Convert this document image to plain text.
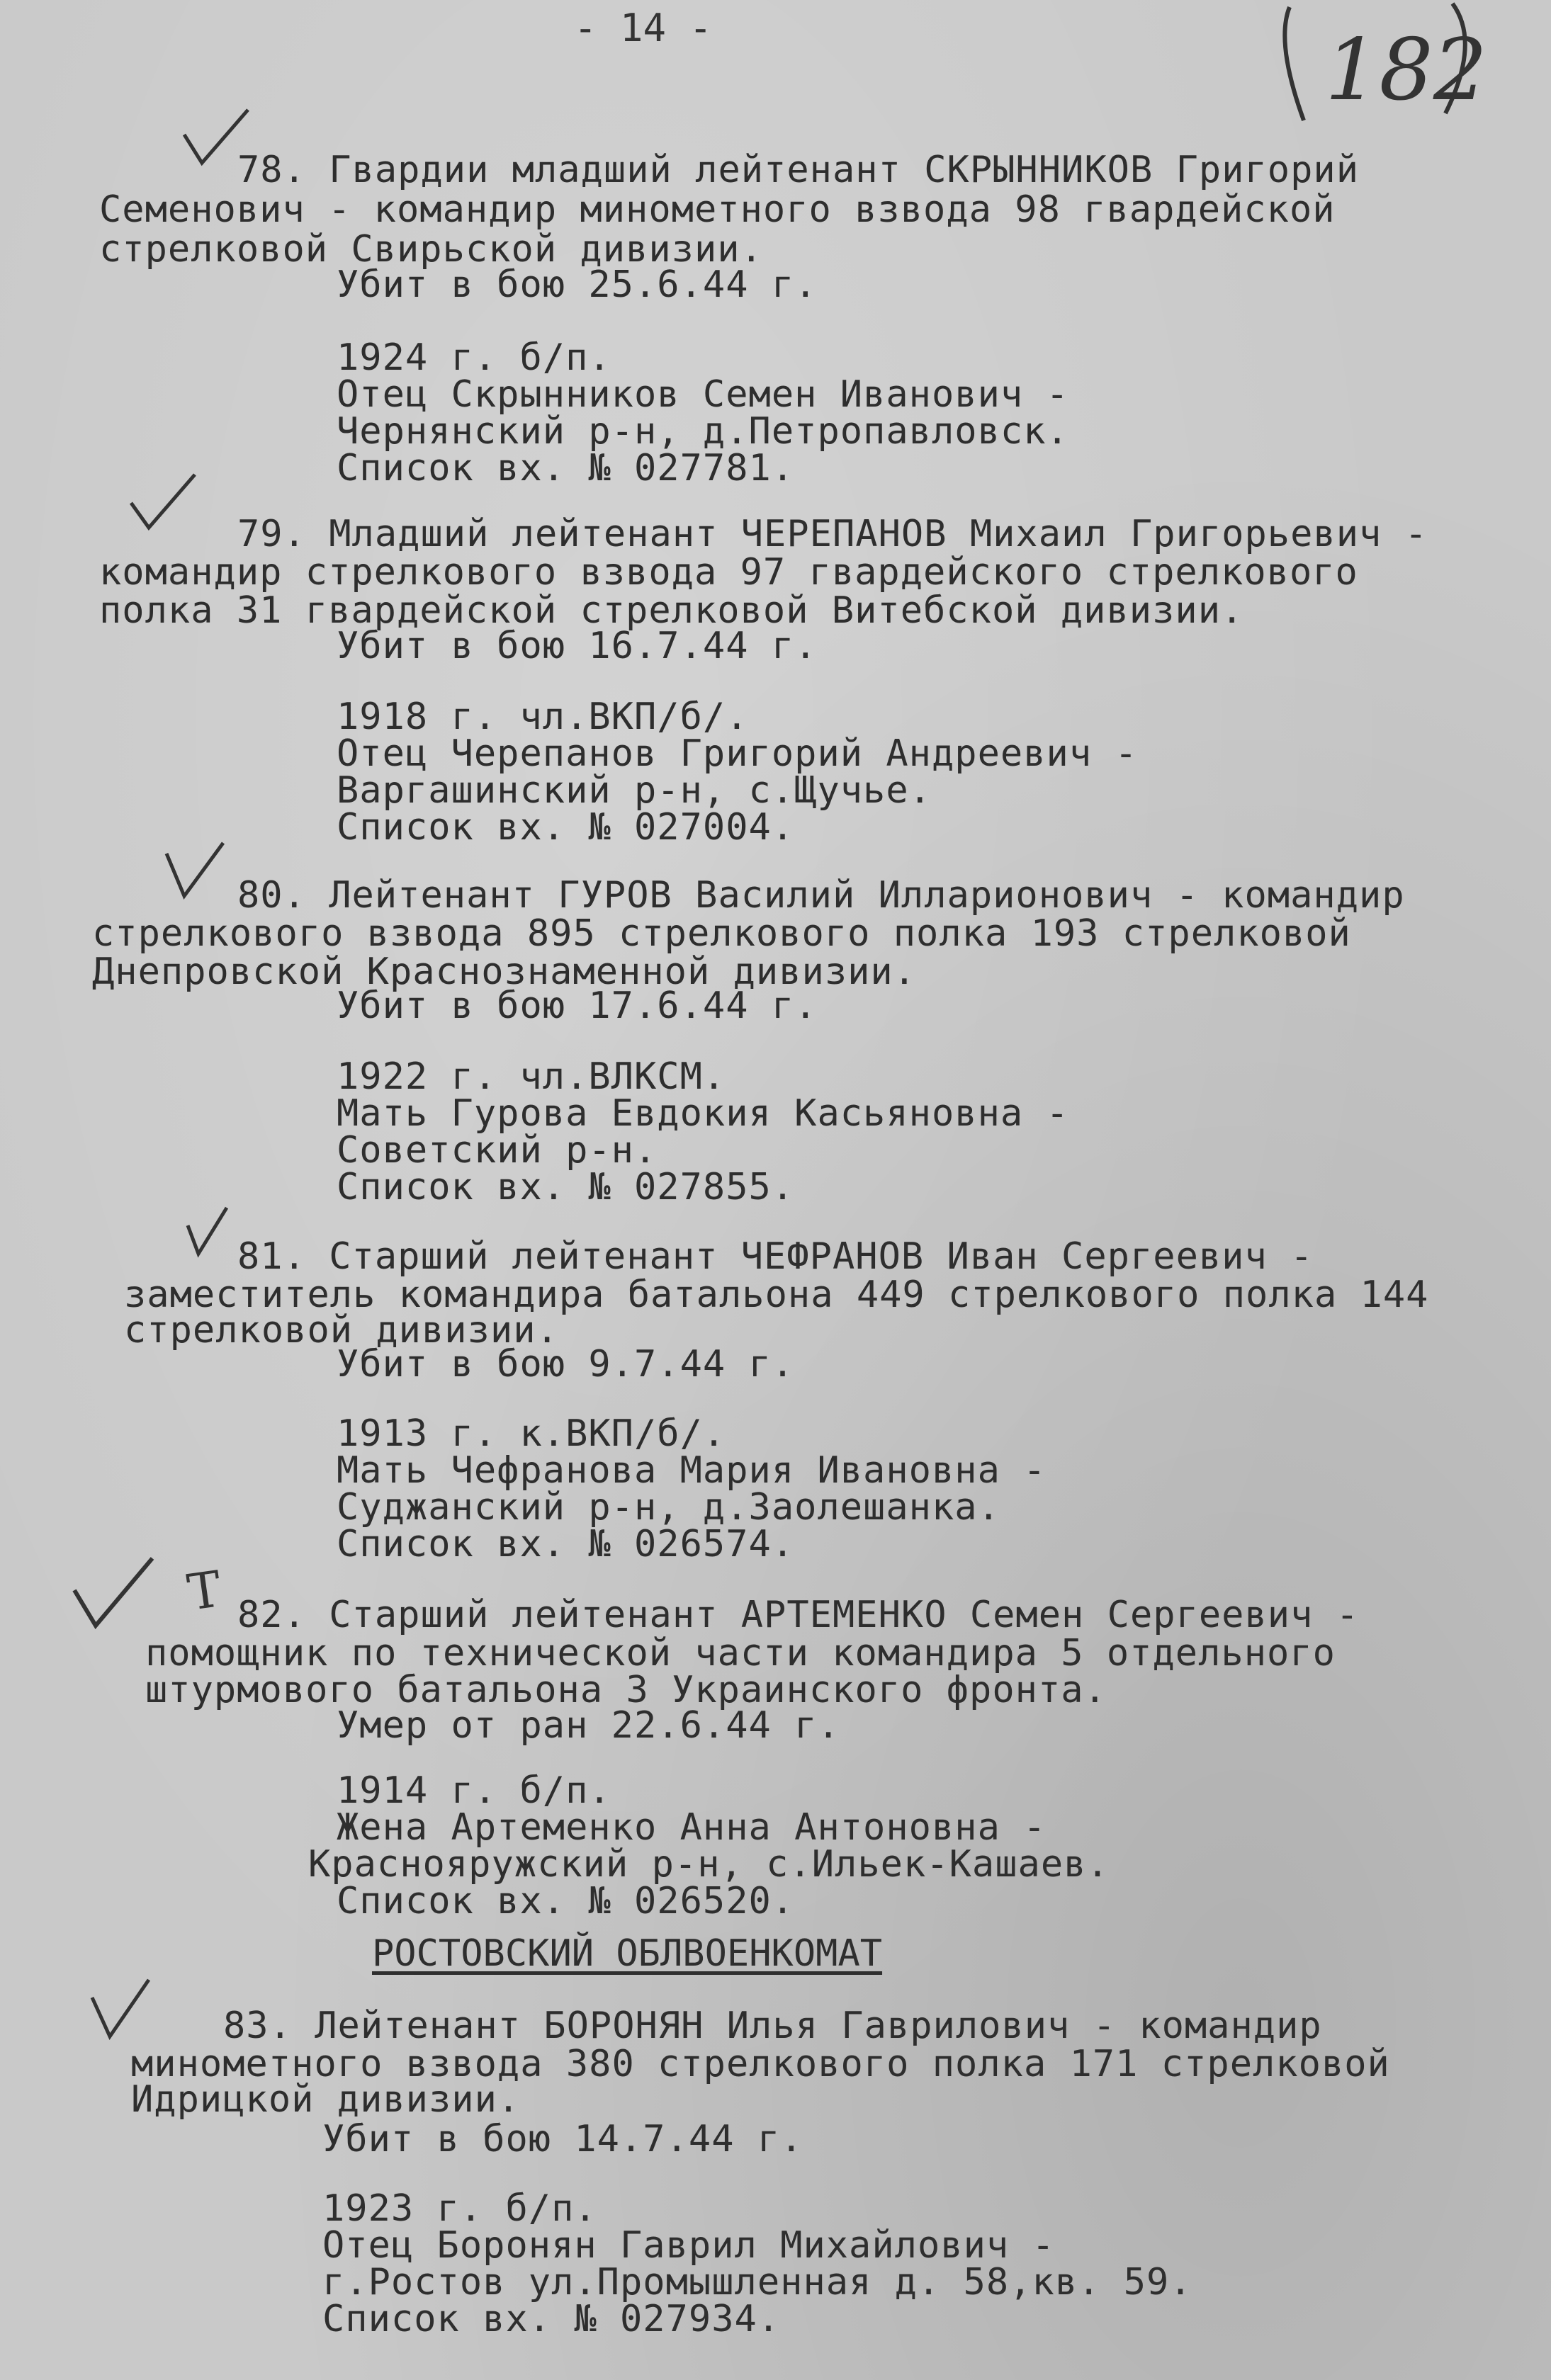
- 14 -	182
Т
78. Гвардии младший лейтенант СКРЫННИКОВ Григорий
Семенович - командир минометного взвода 98 гвардейской
стрелковой Свирьской дивизии.
Убит в бою 25.6.44 г.
1924 г. б/п.
Отец Скрынников Семен Иванович -
Чернянский р-н, д.Петропавловск.
Список вх. № 027781.
79. Младший лейтенант ЧЕРЕПАНОВ Михаил Григорьевич -
командир стрелкового взвода 97 гвардейского стрелкового
полка 31 гвардейской стрелковой Витебской дивизии.
Убит в бою 16.7.44 г.
1918 г. чл.ВКП/б/.
Отец Черепанов Григорий Андреевич -
Варгашинский р-н, с.Щучье.
Список вх. № 027004.
80. Лейтенант ГУРОВ Василий Илларионович - командир
стрелкового взвода 895 стрелкового полка 193 стрелковой
Днепровской Краснознаменной дивизии.
Убит в бою 17.6.44 г.
1922 г. чл.ВЛКСМ.
Мать Гурова Евдокия Касьяновна -
Советский р-н.
Список вх. № 027855.
81. Старший лейтенант ЧЕФРАНОВ Иван Сергеевич -
заместитель командира батальона 449 стрелкового полка 144
стрелковой дивизии.
Убит в бою 9.7.44 г.
1913 г. к.ВКП/б/.
Мать Чефранова Мария Ивановна -
Суджанский р-н, д.Заолешанка.
Список вх. № 026574.
82. Старший лейтенант АРТЕМЕНКО Семен Сергеевич -
помощник по технической части командира 5 отдельного
штурмового батальона 3 Украинского фронта.
Умер от ран 22.6.44 г.
1914 г. б/п.
Жена Артеменко Анна Антоновна -
Краснояружский р-н, с.Ильек-Кашаев.
Список вх. № 026520.
РОСТОВСКИЙ ОБЛВОЕНКОМАТ
83. Лейтенант БОРОНЯН Илья Гаврилович - командир
минометного взвода 380 стрелкового полка 171 стрелковой
Идрицкой дивизии.
Убит в бою 14.7.44 г.
1923 г. б/п.
Отец Боронян Гаврил Михайлович -
г.Ростов ул.Промышленная д. 58,кв. 59.
Список вх. № 027934.
